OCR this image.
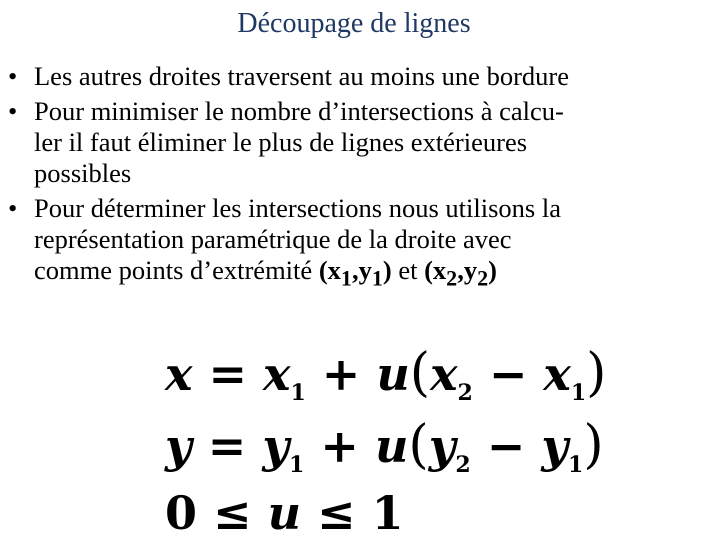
Découpage de lignes
• Les autres droites traversent au moins une bordure
• Pour minimiser le nombre d’intersections à calcu-
ler il faut éliminer le plus de lignes extérieures
possibles
• Pour déterminer les intersections nous utilisons la
représentation paramétrique de la droite avec
comme points d’extrémité $(x_1,y_1)$ et $(x_2,y_2)$
$x = x_1 + u(x_2 - x_1)$
$y = y_1 + u(y_2 - y_1)$
0 ≤ u ≤ 1
